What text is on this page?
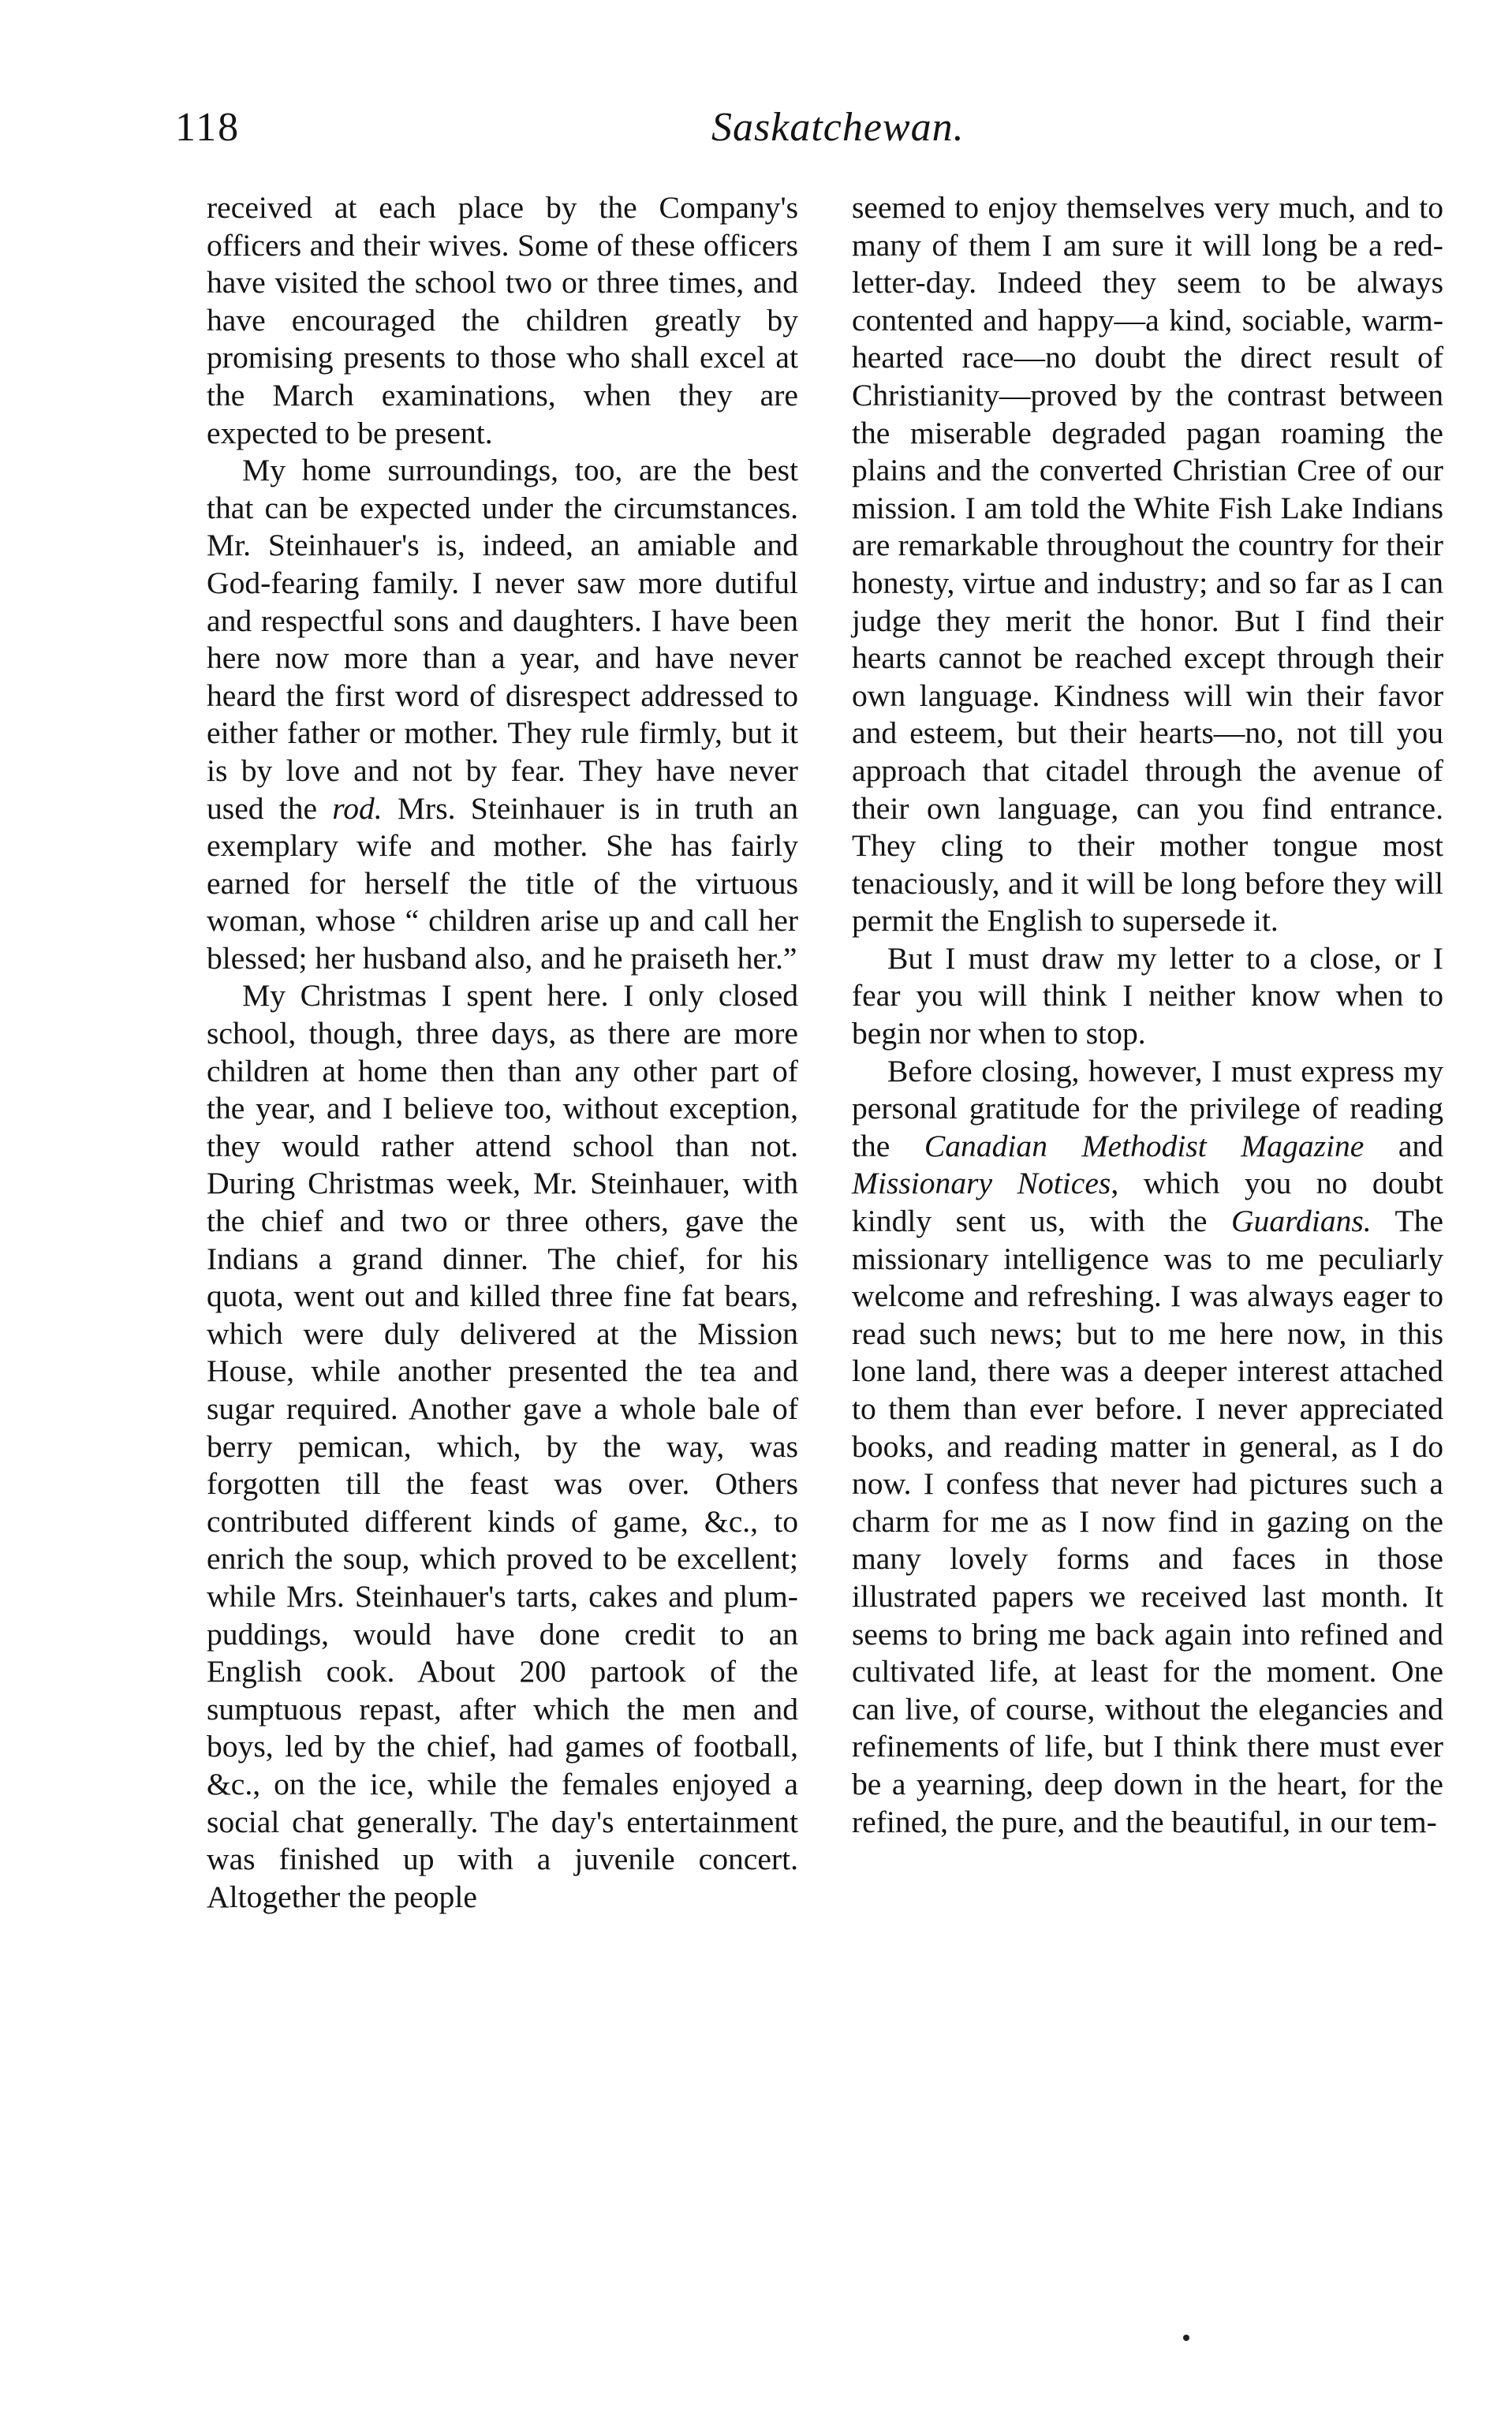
118	Saskatchewan.

received at each place by the Company's officers and their wives. Some of these officers have visited the school two or three times, and have encouraged the children greatly by promising presents to those who shall excel at the March examinations, when they are expected to be present.

My home surroundings, too, are the best that can be expected under the circumstances. Mr. Steinhauer's is, indeed, an amiable and God-fearing family. I never saw more dutiful and respectful sons and daughters. I have been here now more than a year, and have never heard the first word of disrespect addressed to either father or mother. They rule firmly, but it is by love and not by fear. They have never used the rod. Mrs. Steinhauer is in truth an exemplary wife and mother. She has fairly earned for herself the title of the virtuous woman, whose “ children arise up and call her blessed; her husband also, and he praiseth her.”

My Christmas I spent here. I only closed school, though, three days, as there are more children at home then than any other part of the year, and I believe too, without exception, they would rather attend school than not. During Christmas week, Mr. Steinhauer, with the chief and two or three others, gave the Indians a grand dinner. The chief, for his quota, went out and killed three fine fat bears, which were duly delivered at the Mission House, while another presented the tea and sugar required. Another gave a whole bale of berry pemican, which, by the way, was forgotten till the feast was over. Others contributed different kinds of game, &c., to enrich the soup, which proved to be excellent; while Mrs. Steinhauer's tarts, cakes and plum-puddings, would have done credit to an English cook. About 200 partook of the sumptuous repast, after which the men and boys, led by the chief, had games of football, &c., on the ice, while the females enjoyed a social chat generally. The day's entertainment was finished up with a juvenile concert. Altogether the people

seemed to enjoy themselves very much, and to many of them I am sure it will long be a red-letter-day. Indeed they seem to be always contented and happy—a kind, sociable, warm-hearted race—no doubt the direct result of Christianity—proved by the contrast between the miserable degraded pagan roaming the plains and the converted Christian Cree of our mission. I am told the White Fish Lake Indians are remarkable throughout the country for their honesty, virtue and industry; and so far as I can judge they merit the honor. But I find their hearts cannot be reached except through their own language. Kindness will win their favor and esteem, but their hearts—no, not till you approach that citadel through the avenue of their own language, can you find entrance. They cling to their mother tongue most tenaciously, and it will be long before they will permit the English to supersede it.

But I must draw my letter to a close, or I fear you will think I neither know when to begin nor when to stop.

Before closing, however, I must express my personal gratitude for the privilege of reading the Canadian Methodist Magazine and Missionary Notices, which you no doubt kindly sent us, with the Guardians. The missionary intelligence was to me peculiarly welcome and refreshing. I was always eager to read such news; but to me here now, in this lone land, there was a deeper interest attached to them than ever before. I never appreciated books, and reading matter in general, as I do now. I confess that never had pictures such a charm for me as I now find in gazing on the many lovely forms and faces in those illustrated papers we received last month. It seems to bring me back again into refined and cultivated life, at least for the moment. One can live, of course, without the elegancies and refinements of life, but I think there must ever be a yearning, deep down in the heart, for the refined, the pure, and the beautiful, in our tem-
